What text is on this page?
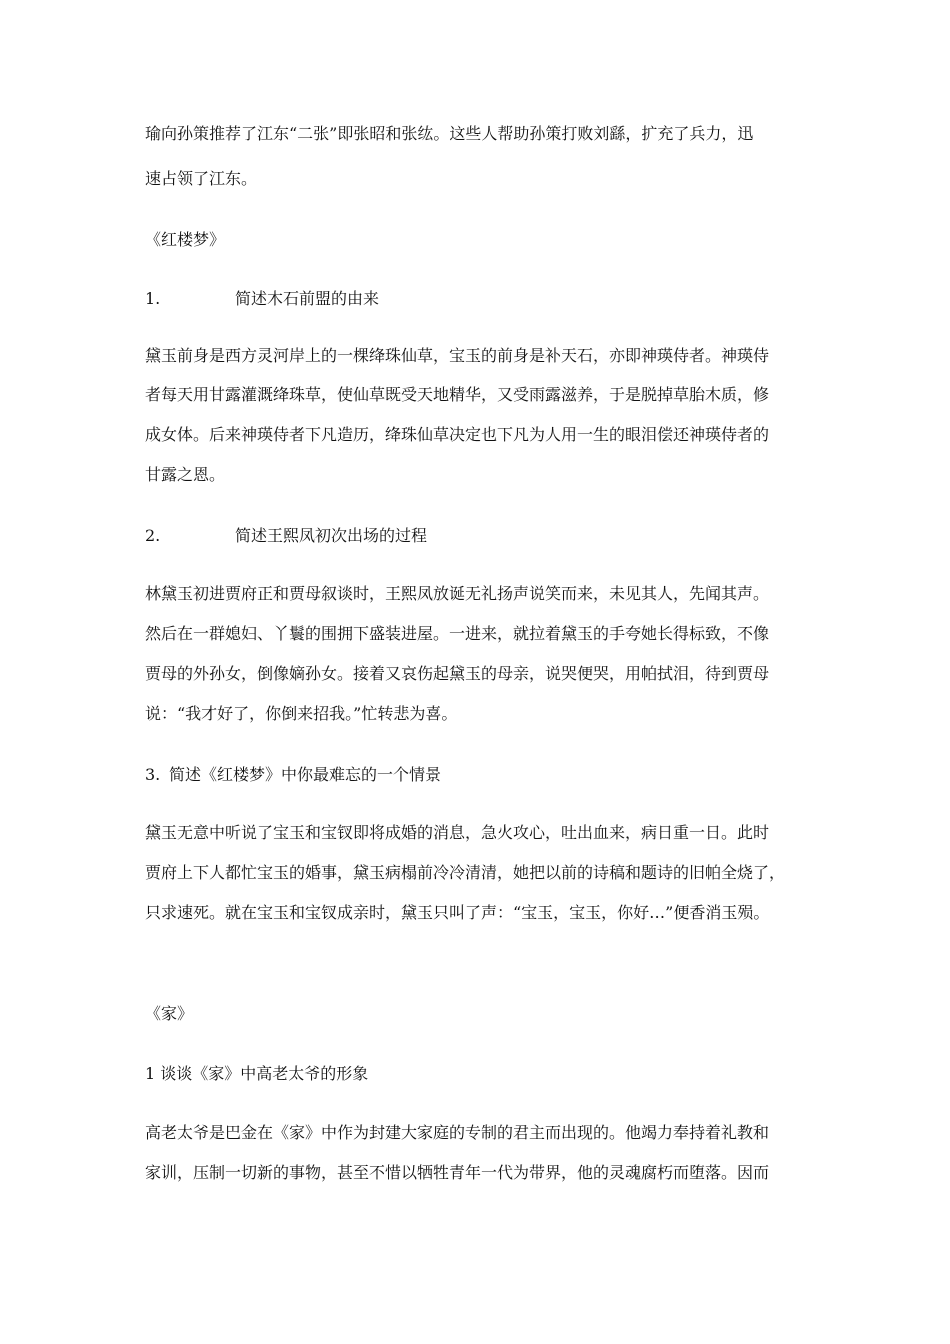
瑜向孙策推荐了江东“二张”即张昭和张纮。这些人帮助孙策打败刘繇，扩充了兵力，迅

速占领了江东。

《红楼梦》

1.	简述木石前盟的由来

黛玉前身是西方灵河岸上的一棵绛珠仙草，宝玉的前身是补天石，亦即神瑛侍者。神瑛侍

者每天用甘露灌溉绛珠草，使仙草既受天地精华，又受雨露滋养，于是脱掉草胎木质，修

成女体。后来神瑛侍者下凡造历，绛珠仙草决定也下凡为人用一生的眼泪偿还神瑛侍者的

甘露之恩。

2.	简述王熙凤初次出场的过程

林黛玉初进贾府正和贾母叙谈时，王熙凤放诞无礼扬声说笑而来，未见其人，先闻其声。

然后在一群媳妇、丫鬟的围拥下盛装进屋。一进来，就拉着黛玉的手夸她长得标致，不像

贾母的外孙女，倒像嫡孙女。接着又哀伤起黛玉的母亲，说哭便哭，用帕拭泪，待到贾母

说：“我才好了，你倒来招我。”忙转悲为喜。

3. 简述《红楼梦》中你最难忘的一个情景

黛玉无意中听说了宝玉和宝钗即将成婚的消息，急火攻心，吐出血来，病日重一日。此时

贾府上下人都忙宝玉的婚事，黛玉病榻前冷冷清清，她把以前的诗稿和题诗的旧帕全烧了，

只求速死。就在宝玉和宝钗成亲时，黛玉只叫了声：“宝玉，宝玉，你好…”便香消玉殒。

《家》

1 谈谈《家》中高老太爷的形象

高老太爷是巴金在《家》中作为封建大家庭的专制的君主而出现的。他竭力奉持着礼教和

家训，压制一切新的事物，甚至不惜以牺牲青年一代为带界，他的灵魂腐朽而堕落。因而
